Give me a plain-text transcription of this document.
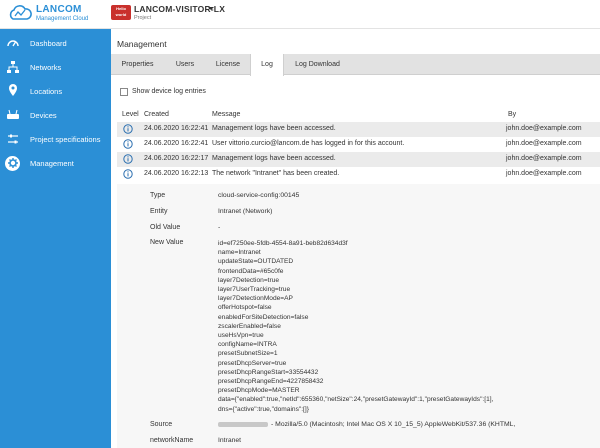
LANCOM
Management Cloud
Hello world
LANCOM-VISITOR-LX
Project
Dashboard
Networks
Locations
Devices
Project specifications
Management
Management
Properties	Users	License	Log	Log Download
Show device log entries
Level Created	Message	By
24.06.2020 16:22:41 Management logs have been accessed.	john.doe@example.com
24.06.2020 16:22:41 User vittorio.curcio@lancom.de has logged in for this account.	john.doe@example.com
24.06.2020 16:22:17 Management logs have been accessed.	john.doe@example.com
24.06.2020 16:22:13 The network "Intranet" has been created.	john.doe@example.com
Type	cloud-service-config:00145
Entity	Intranet (Network)
Old Value	-
New Value	id=ef7250ee-5fdb-4554-8a91-beb82d634d3f
name=Intranet
updateState=OUTDATED
frontendData=#65c0fe
layer7Detection=true
layer7UserTracking=true
layer7DetectionMode=AP
offerHotspot=false
enabledForSiteDetection=false
zscalerEnabled=false
useHsVpn=true
configName=INTRA
presetSubnetSize=1
presetDhcpServer=true
presetDhcpRangeStart=33554432
presetDhcpRangeEnd=4227858432
presetDhcpMode=MASTER
data={"enabled":true,"netId":655360,"netSize":24,"presetGatewayId":1,"presetGatewayIds":[1],
dns={"active":true,"domains":[]}
Source	- Mozilla/5.0 (Macintosh; Intel Mac OS X 10_15_5) AppleWebKit/537.36 (KHTML,
networkName	Intranet
